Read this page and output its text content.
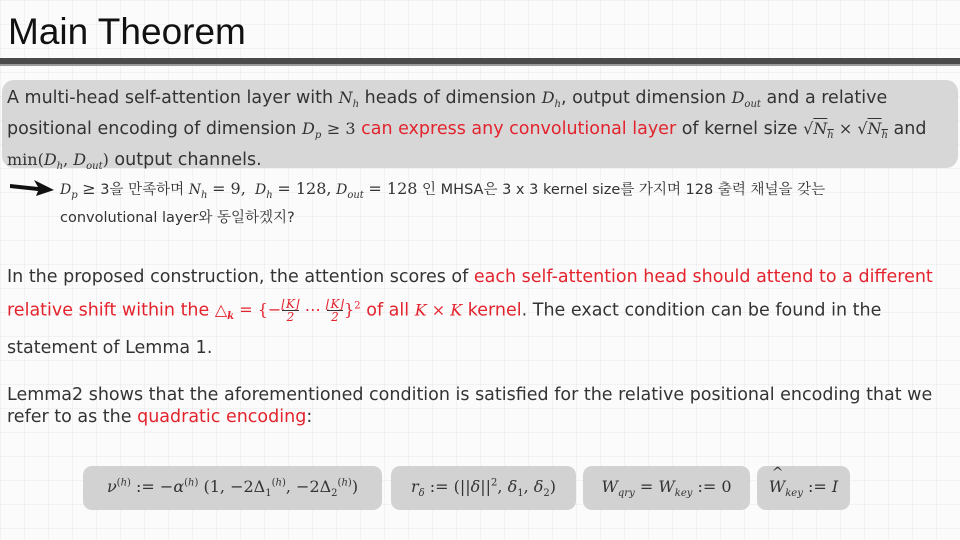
Main Theorem
A multi-head self-attention layer with $N_h$ heads of dimension $D_h$, output dimension $D_{out}$ and a relative positional encoding of dimension $D_p \ge 3$ can express any convolutional layer of kernel size $√N_h \times √N_h$ and $\min(D_h$, $D_{out}$) output channels.
$D_p \ge 3$을 만족하며 $N_h = 9$, $D_h = 128$, $D_{out} = 128$ 인 MHSA은 3 x 3 kernel size를 가지며 128 출력 채널을 갖는
convolutional layer와 동일하겠지?
In the proposed construction, the attention scores of each self-attention head should attend to a different relative shift within the $\triangle_k$ = {−⌊K⌋
2 ⋯ ⌊K⌋
2 }$^2$ of all K × K kernel. The exact condition can be found in the statement of Lemma 1.
Lemma2 shows that the aforementioned condition is satisfied for the relative positional encoding that we refer to as the quadratic encoding:
$\nu^{(h)}$ := $-\alpha^{(h)}$ (1, $-2\Delta_1^{(h)}$, $-2\Delta_2^{(h)}$)	$r_\delta$ := ($||\delta||^2$, $\delta_1$, $\delta_2$)	$W_{qry} = W_{key}$ := 0 ^ $W_{key}$ := I
